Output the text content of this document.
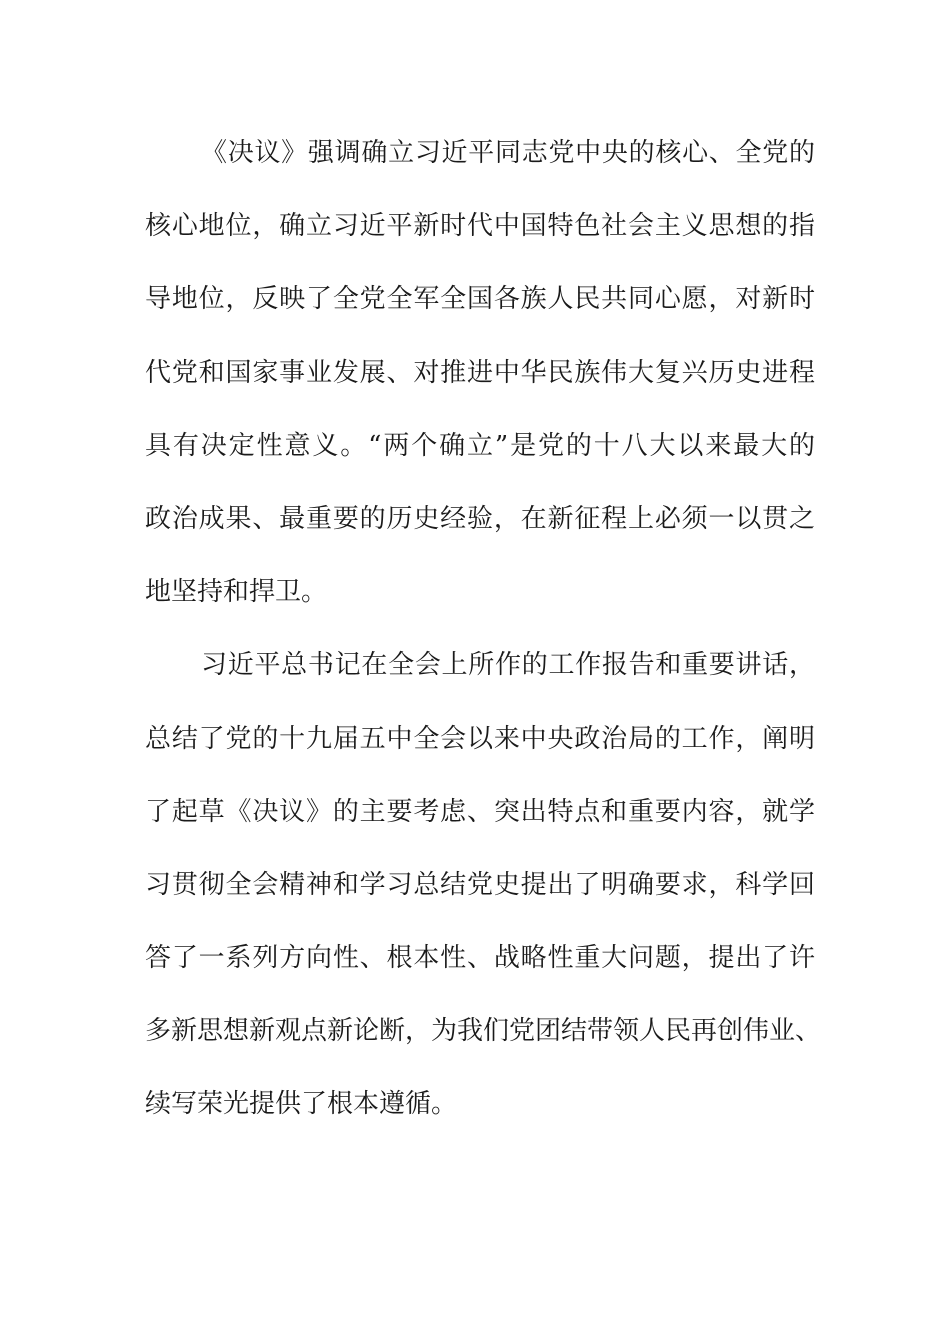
《决议》强调确立习近平同志党中央的核心、全党的
核心地位，确立习近平新时代中国特色社会主义思想的指
导地位，反映了全党全军全国各族人民共同心愿，对新时
代党和国家事业发展、对推进中华民族伟大复兴历史进程
具有决定性意义。“两个确立”是党的十八大以来最大的
政治成果、最重要的历史经验，在新征程上必须一以贯之
地坚持和捍卫。
习近平总书记在全会上所作的工作报告和重要讲话，
总结了党的十九届五中全会以来中央政治局的工作，阐明
了起草《决议》的主要考虑、突出特点和重要内容，就学
习贯彻全会精神和学习总结党史提出了明确要求，科学回
答了一系列方向性、根本性、战略性重大问题，提出了许
多新思想新观点新论断，为我们党团结带领人民再创伟业、
续写荣光提供了根本遵循。
